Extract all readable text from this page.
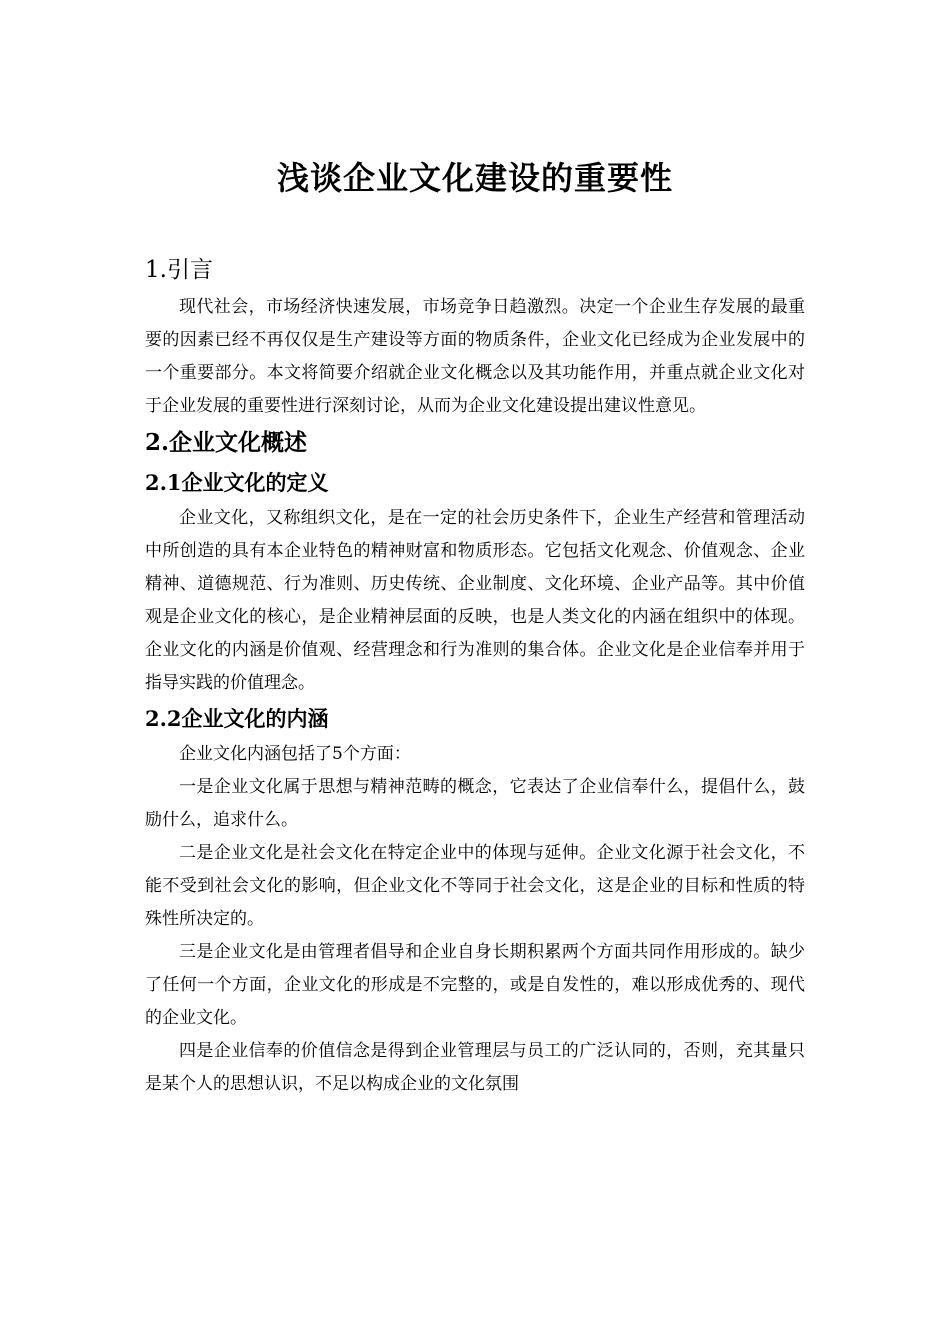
浅谈企业文化建设的重要性
1.引言

现代社会，市场经济快速发展，市场竞争日趋激烈。决定一个企业生存发展的最重要的因素已经不再仅仅是生产建设等方面的物质条件，企业文化已经成为企业发展中的一个重要部分。本文将简要介绍就企业文化概念以及其功能作用，并重点就企业文化对于企业发展的重要性进行深刻讨论，从而为企业文化建设提出建议性意见。

2.企业文化概述
2.1企业文化的定义

企业文化，又称组织文化，是在一定的社会历史条件下，企业生产经营和管理活动中所创造的具有本企业特色的精神财富和物质形态。它包括文化观念、价值观念、企业精神、道德规范、行为准则、历史传统、企业制度、文化环境、企业产品等。其中价值观是企业文化的核心，是企业精神层面的反映，也是人类文化的内涵在组织中的体现。企业文化的内涵是价值观、经营理念和行为准则的集合体。企业文化是企业信奉并用于指导实践的价值理念。

2.2企业文化的内涵

企业文化内涵包括了5个方面：

一是企业文化属于思想与精神范畴的概念，它表达了企业信奉什么，提倡什么，鼓励什么，追求什么。

二是企业文化是社会文化在特定企业中的体现与延伸。企业文化源于社会文化，不能不受到社会文化的影响，但企业文化不等同于社会文化，这是企业的目标和性质的特殊性所决定的。

三是企业文化是由管理者倡导和企业自身长期积累两个方面共同作用形成的。缺少了任何一个方面，企业文化的形成是不完整的，或是自发性的，难以形成优秀的、现代的企业文化。

四是企业信奉的价值信念是得到企业管理层与员工的广泛认同的，否则，充其量只是某个人的思想认识，不足以构成企业的文化氛围
